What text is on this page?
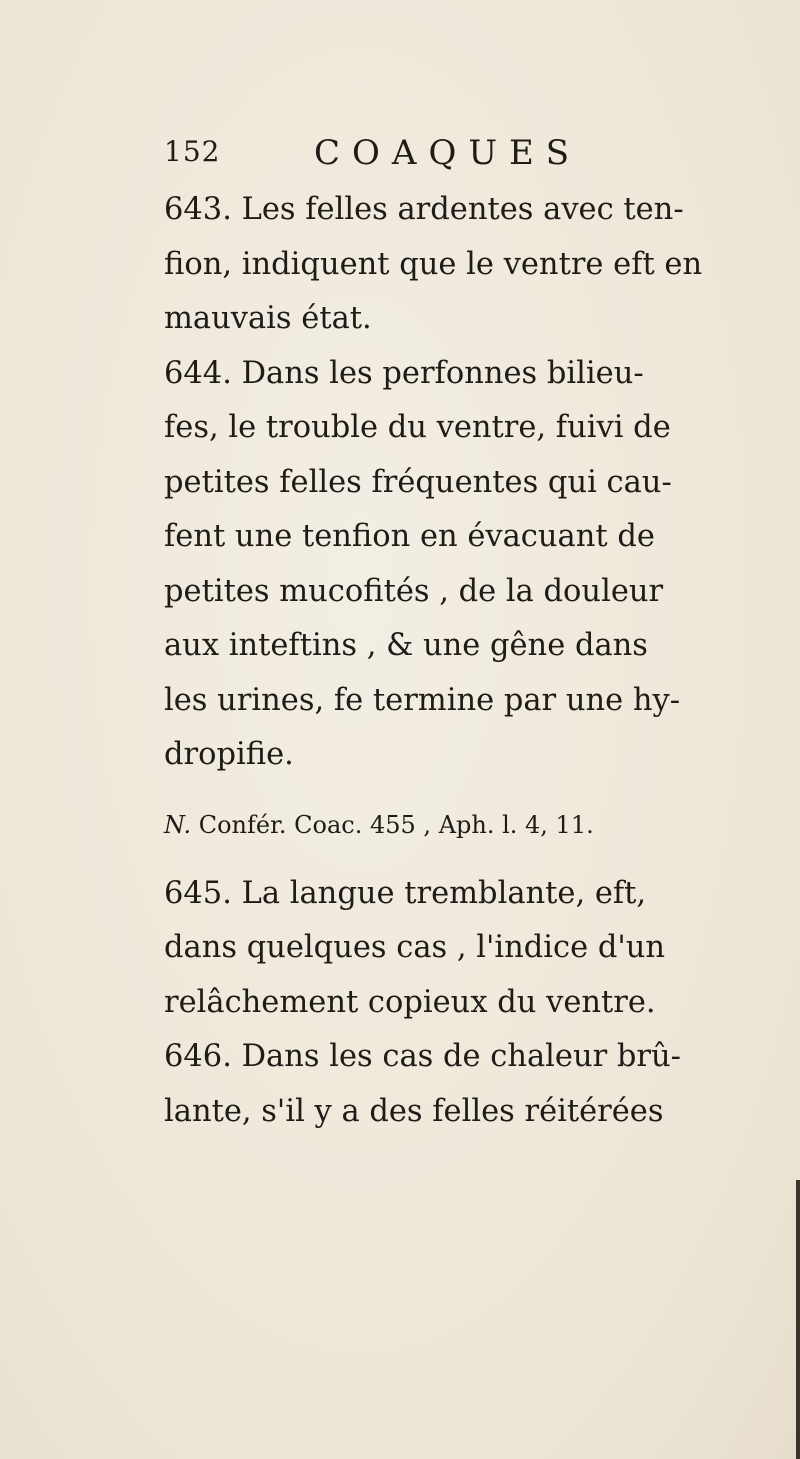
152	COAQUES

643. Les felles ardentes avec ten-
fion, indiquent que le ventre eft en
mauvais état.

644. Dans les perfonnes bilieu-
fes, le trouble du ventre, fuivi de
petites felles fréquentes qui cau-
fent une tenfion en évacuant de
petites mucofités , de la douleur
aux inteftins , & une gêne dans
les urines, fe termine par une hy-
dropifie.

N. Confér. Coac. 455 , Aph. l. 4, 11.

645. La langue tremblante, eft,
dans quelques cas , l'indice d'un
relâchement copieux du ventre.

646. Dans les cas de chaleur brû-
lante, s'il y a des felles réitérées
